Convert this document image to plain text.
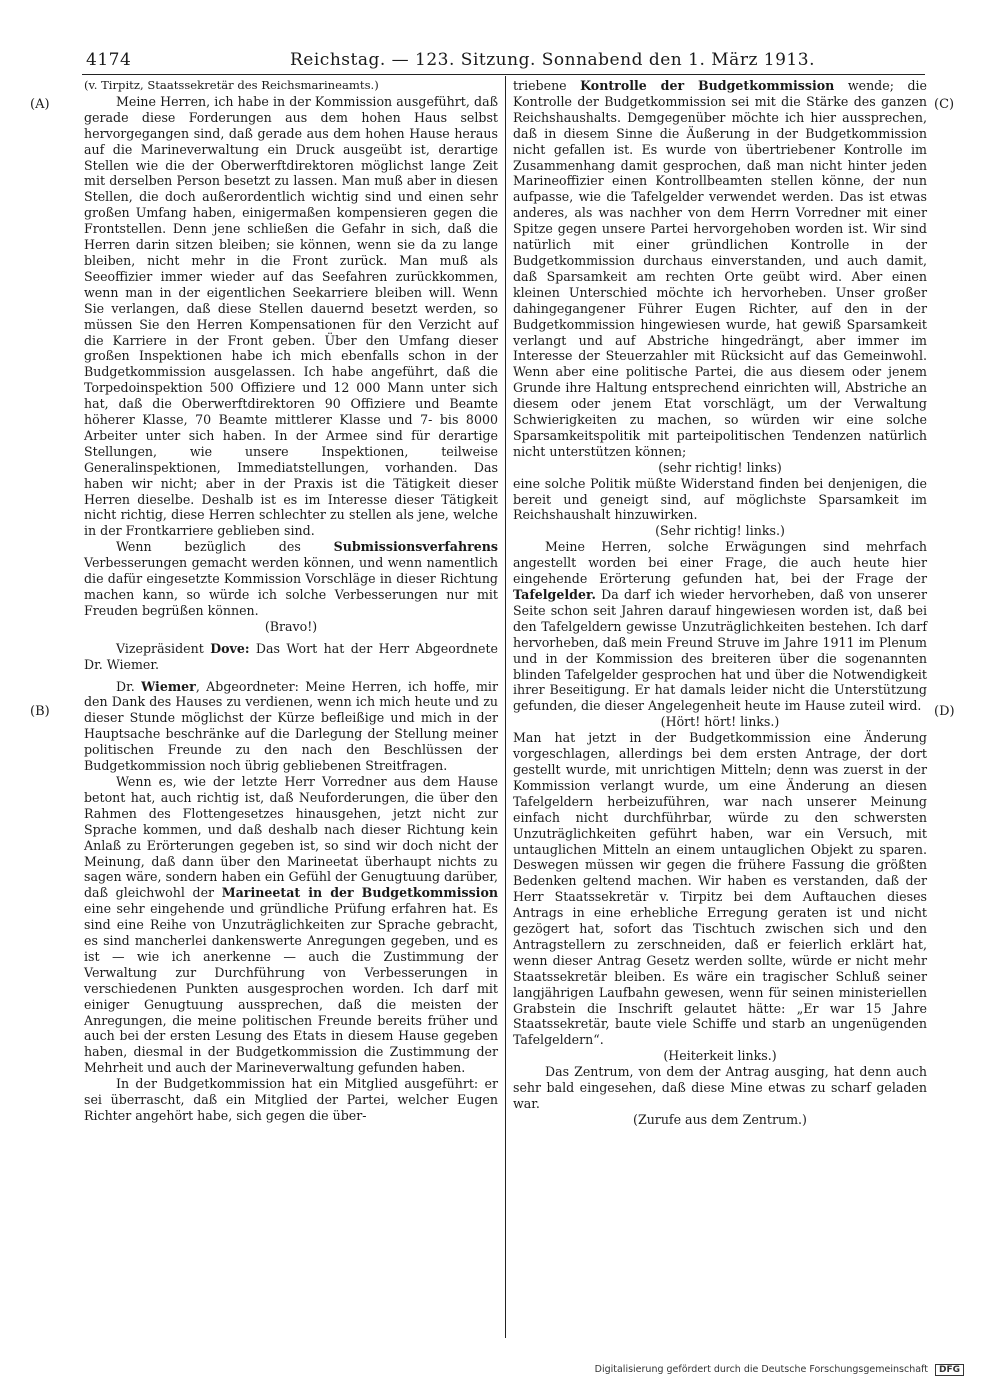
4174	Reichstag. — 123. Sitzung. Sonnabend den 1. März 1913.
(A)
(B)
(C)
(D)

(v. Tirpitz, Staatssekretär des Reichsmarineamts.)

Meine Herren, ich habe in der Kommission ausgeführt, daß gerade diese Forderungen aus dem hohen Haus selbst hervorgegangen sind, daß gerade aus dem hohen Hause heraus auf die Marineverwaltung ein Druck ausgeübt ist, derartige Stellen wie die der Oberwerftdirektoren möglichst lange Zeit mit derselben Person besetzt zu lassen. Man muß aber in diesen Stellen, die doch außerordentlich wichtig sind und einen sehr großen Umfang haben, einigermaßen kompensieren gegen die Frontstellen. Denn jene schließen die Gefahr in sich, daß die Herren darin sitzen bleiben; sie können, wenn sie da zu lange bleiben, nicht mehr in die Front zurück. Man muß als Seeoffizier immer wieder auf das Seefahren zurückkommen, wenn man in der eigentlichen Seekarriere bleiben will. Wenn Sie verlangen, daß diese Stellen dauernd besetzt werden, so müssen Sie den Herren Kompensationen für den Verzicht auf die Karriere in der Front geben. Über den Umfang dieser großen Inspektionen habe ich mich ebenfalls schon in der Budgetkommission ausgelassen. Ich habe angeführt, daß die Torpedoinspektion 500 Offiziere und 12 000 Mann unter sich hat, daß die Oberwerftdirektoren 90 Offiziere und Beamte höherer Klasse, 70 Beamte mittlerer Klasse und 7- bis 8000 Arbeiter unter sich haben. In der Armee sind für derartige Stellungen, wie unsere Inspektionen, teilweise Generalinspektionen, Immediatstellungen, vorhanden. Das haben wir nicht; aber in der Praxis ist die Tätigkeit dieser Herren dieselbe. Deshalb ist es im Interesse dieser Tätigkeit nicht richtig, diese Herren schlechter zu stellen als jene, welche in der Frontkarriere geblieben sind.

Wenn bezüglich des Submissionsverfahrens Verbesserungen gemacht werden können, und wenn namentlich die dafür eingesetzte Kommission Vorschläge in dieser Richtung machen kann, so würde ich solche Verbesserungen nur mit Freuden begrüßen können.

(Bravo!)

Vizepräsident Dove: Das Wort hat der Herr Abgeordnete Dr. Wiemer.

Dr. Wiemer, Abgeordneter: Meine Herren, ich hoffe, mir den Dank des Hauses zu verdienen, wenn ich mich heute und zu dieser Stunde möglichst der Kürze befleißige und mich in der Hauptsache beschränke auf die Darlegung der Stellung meiner politischen Freunde zu den nach den Beschlüssen der Budgetkommission noch übrig gebliebenen Streitfragen.

Wenn es, wie der letzte Herr Vorredner aus dem Hause betont hat, auch richtig ist, daß Neuforderungen, die über den Rahmen des Flottengesetzes hinausgehen, jetzt nicht zur Sprache kommen, und daß deshalb nach dieser Richtung kein Anlaß zu Erörterungen gegeben ist, so sind wir doch nicht der Meinung, daß dann über den Marineetat überhaupt nichts zu sagen wäre, sondern haben ein Gefühl der Genugtuung darüber, daß gleichwohl der Marineetat in der Budgetkommission eine sehr eingehende und gründliche Prüfung erfahren hat. Es sind eine Reihe von Unzuträglichkeiten zur Sprache gebracht, es sind mancherlei dankenswerte Anregungen gegeben, und es ist — wie ich anerkenne — auch die Zustimmung der Verwaltung zur Durchführung von Verbesserungen in verschiedenen Punkten ausgesprochen worden. Ich darf mit einiger Genugtuung aussprechen, daß die meisten der Anregungen, die meine politischen Freunde bereits früher und auch bei der ersten Lesung des Etats in diesem Hause gegeben haben, diesmal in der Budgetkommission die Zustimmung der Mehrheit und auch der Marineverwaltung gefunden haben.

In der Budgetkommission hat ein Mitglied ausgeführt: er sei überrascht, daß ein Mitglied der Partei, welcher Eugen Richter angehört habe, sich gegen die über-

triebene Kontrolle der Budgetkommission wende; die Kontrolle der Budgetkommission sei mit die Stärke des ganzen Reichshaushalts. Demgegenüber möchte ich hier aussprechen, daß in diesem Sinne die Äußerung in der Budgetkommission nicht gefallen ist. Es wurde von übertriebener Kontrolle im Zusammenhang damit gesprochen, daß man nicht hinter jeden Marineoffizier einen Kontrollbeamten stellen könne, der nun aufpasse, wie die Tafelgelder verwendet werden. Das ist etwas anderes, als was nachher von dem Herrn Vorredner mit einer Spitze gegen unsere Partei hervorgehoben worden ist. Wir sind natürlich mit einer gründlichen Kontrolle in der Budgetkommission durchaus einverstanden, und auch damit, daß Sparsamkeit am rechten Orte geübt wird. Aber einen kleinen Unterschied möchte ich hervorheben. Unser großer dahingegangener Führer Eugen Richter, auf den in der Budgetkommission hingewiesen wurde, hat gewiß Sparsamkeit verlangt und auf Abstriche hingedrängt, aber immer im Interesse der Steuerzahler mit Rücksicht auf das Gemeinwohl. Wenn aber eine politische Partei, die aus diesem oder jenem Grunde ihre Haltung entsprechend einrichten will, Abstriche an diesem oder jenem Etat vorschlägt, um der Verwaltung Schwierigkeiten zu machen, so würden wir eine solche Sparsamkeitspolitik mit parteipolitischen Tendenzen natürlich nicht unterstützen können;

(sehr richtig! links)

eine solche Politik müßte Widerstand finden bei denjenigen, die bereit und geneigt sind, auf möglichste Sparsamkeit im Reichshaushalt hinzuwirken.

(Sehr richtig! links.)

Meine Herren, solche Erwägungen sind mehrfach angestellt worden bei einer Frage, die auch heute hier eingehende Erörterung gefunden hat, bei der Frage der Tafelgelder. Da darf ich wieder hervorheben, daß von unserer Seite schon seit Jahren darauf hingewiesen worden ist, daß bei den Tafelgeldern gewisse Unzuträglichkeiten bestehen. Ich darf hervorheben, daß mein Freund Struve im Jahre 1911 im Plenum und in der Kommission des breiteren über die sogenannten blinden Tafelgelder gesprochen hat und über die Notwendigkeit ihrer Beseitigung. Er hat damals leider nicht die Unterstützung gefunden, die dieser Angelegenheit heute im Hause zuteil wird.

(Hört! hört! links.)

Man hat jetzt in der Budgetkommission eine Änderung vorgeschlagen, allerdings bei dem ersten Antrage, der dort gestellt wurde, mit unrichtigen Mitteln; denn was zuerst in der Kommission verlangt wurde, um eine Änderung an diesen Tafelgeldern herbeizuführen, war nach unserer Meinung einfach nicht durchführbar, würde zu den schwersten Unzuträglichkeiten geführt haben, war ein Versuch, mit untauglichen Mitteln an einem untauglichen Objekt zu sparen. Deswegen müssen wir gegen die frühere Fassung die größten Bedenken geltend machen. Wir haben es verstanden, daß der Herr Staatssekretär v. Tirpitz bei dem Auftauchen dieses Antrags in eine erhebliche Erregung geraten ist und nicht gezögert hat, sofort das Tischtuch zwischen sich und den Antragstellern zu zerschneiden, daß er feierlich erklärt hat, wenn dieser Antrag Gesetz werden sollte, würde er nicht mehr Staatssekretär bleiben. Es wäre ein tragischer Schluß seiner langjährigen Laufbahn gewesen, wenn für seinen ministeriellen Grabstein die Inschrift gelautet hätte: „Er war 15 Jahre Staatssekretär, baute viele Schiffe und starb an ungenügenden Tafelgeldern“.

(Heiterkeit links.)

Das Zentrum, von dem der Antrag ausging, hat denn auch sehr bald eingesehen, daß diese Mine etwas zu scharf geladen war.

(Zurufe aus dem Zentrum.)

Digitalisierung gefördert durch die Deutsche Forschungsgemeinschaft DFG
